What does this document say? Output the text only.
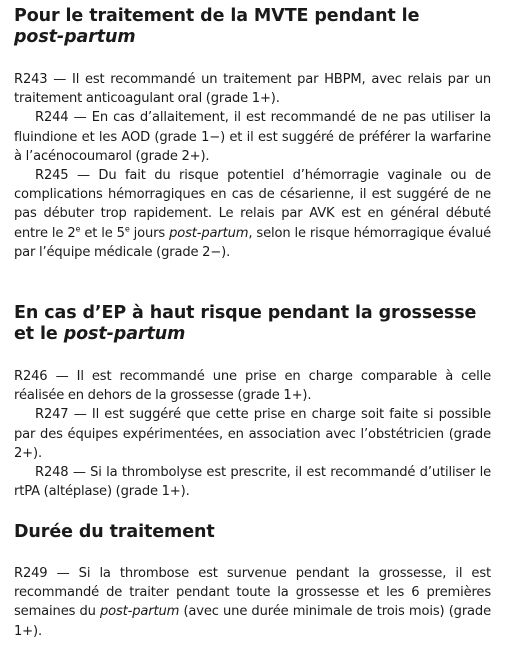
Pour le traitement de la MVTE pendant le
post-partum

R243 — Il est recommandé un traitement par HBPM, avec relais par un traitement anticoagulant oral (grade 1+).

R244 — En cas d’allaitement, il est recommandé de ne pas utiliser la fluindione et les AOD (grade 1−) et il est suggéré de préférer la warfarine à l’acénocoumarol (grade 2+).

R245 — Du fait du risque potentiel d’hémorragie vaginale ou de complications hémorragiques en cas de césarienne, il est suggéré de ne pas débuter trop rapidement. Le relais par AVK est en général débuté entre le 2e et le 5e jours post-partum, selon le risque hémorragique évalué par l’équipe médicale (grade 2−).

En cas d’EP à haut risque pendant la grossesse et le post-partum

R246 — Il est recommandé une prise en charge comparable à celle réalisée en dehors de la grossesse (grade 1+).

R247 — Il est suggéré que cette prise en charge soit faite si possible par des équipes expérimentées, en association avec l’obstétricien (grade 2+).

R248 — Si la thrombolyse est prescrite, il est recommandé d’utiliser le rtPA (altéplase) (grade 1+).

Durée du traitement

R249 — Si la thrombose est survenue pendant la grossesse, il est recommandé de traiter pendant toute la grossesse et les 6 premières semaines du post-partum (avec une durée minimale de trois mois) (grade 1+).
